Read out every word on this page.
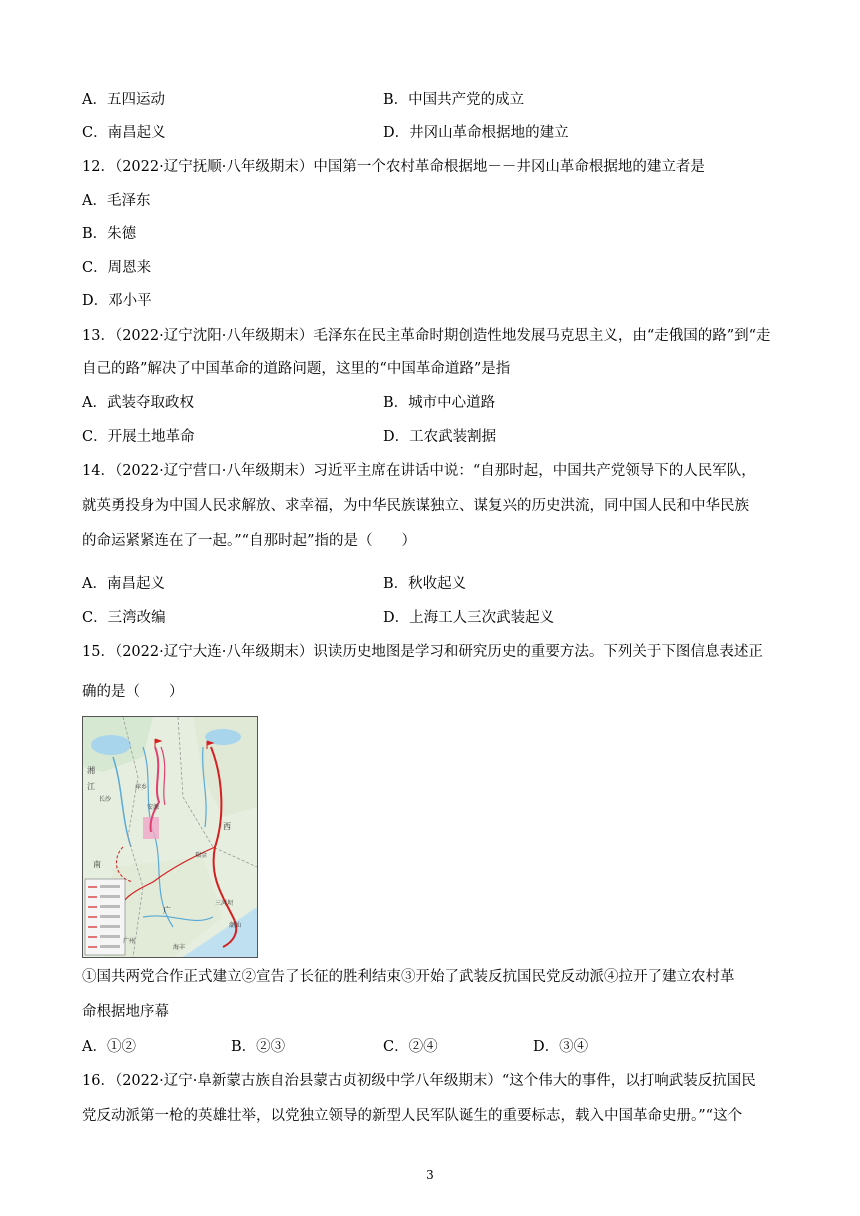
A．五四运动	B．中国共产党的成立
C．南昌起义	D．井冈山革命根据地的建立
12．（2022·辽宁抚顺·八年级期末）中国第一个农村革命根据地－－井冈山革命根据地的建立者是
A．毛泽东
B．朱德
C．周恩来
D．邓小平
13．（2022·辽宁沈阳·八年级期末）毛泽东在民主革命时期创造性地发展马克思主义，由“走俄国的路”到“走
自己的路”解决了中国革命的道路问题，这里的“中国革命道路”是指
A．武装夺取政权	B．城市中心道路
C．开展土地革命	D．工农武装割据
14．（2022·辽宁营口·八年级期末）习近平主席在讲话中说：“自那时起，中国共产党领导下的人民军队，
就英勇投身为中国人民求解放、求幸福，为中华民族谋独立、谋复兴的历史洪流，同中国人民和中华民族
的命运紧紧连在了一起。”“自那时起”指的是（　　）
A．南昌起义	B．秋收起义
C．三湾改编	D．上海工人三次武装起义
15．（2022·辽宁大连·八年级期末）识读历史地图是学习和研究历史的重要方法。下列关于下图信息表述正
确的是（　　）
长沙
萍乡
安源
湘
江
西
南
广
三河坝
广州
海丰
潮汕
瑞金
①国共两党合作正式建立②宣告了长征的胜利结束③开始了武装反抗国民党反动派④拉开了建立农村革
命根据地序幕
A．①②	B．②③	C．②④	D．③④
16．（2022·辽宁·阜新蒙古族自治县蒙古贞初级中学八年级期末）“这个伟大的事件，以打响武装反抗国民
党反动派第一枪的英雄壮举，以党独立领导的新型人民军队诞生的重要标志，载入中国革命史册。”“这个
3
